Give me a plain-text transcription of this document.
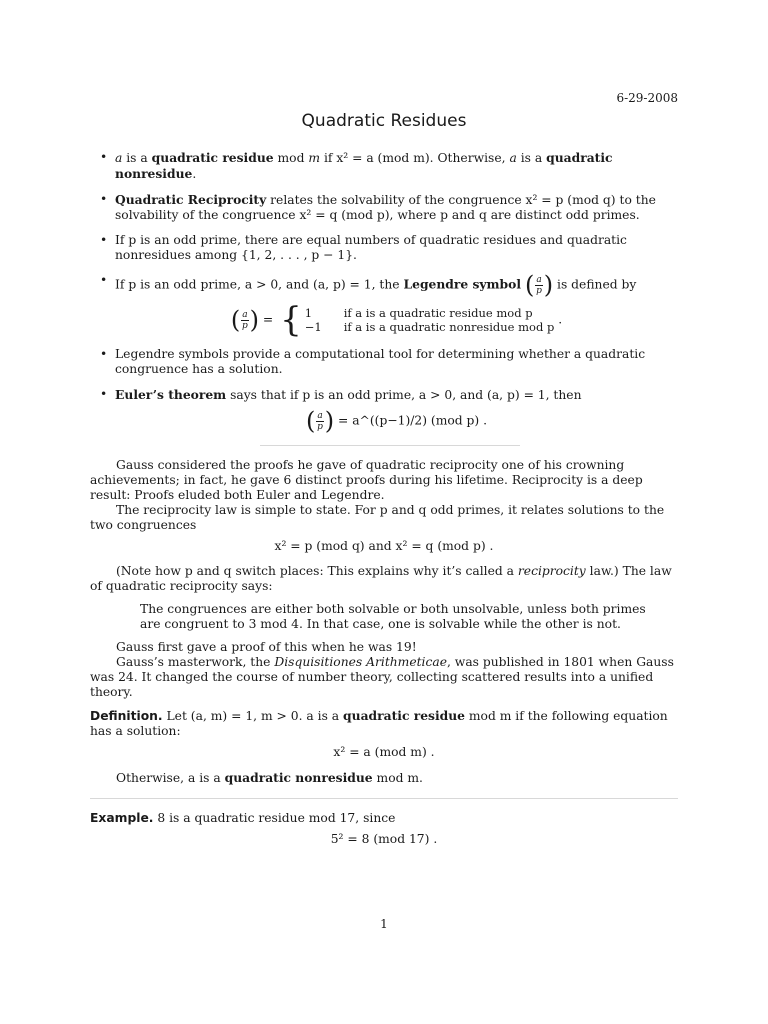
6-29-2008
Quadratic Residues
• a is a quadratic residue mod m if x² = a (mod m). Otherwise, a is a quadratic nonresidue.
• Quadratic Reciprocity relates the solvability of the congruence x² = p (mod q) to the solvability of the congruence x² = q (mod p), where p and q are distinct odd primes.
• If p is an odd prime, there are equal numbers of quadratic residues and quadratic nonresidues among {1, 2, . . . , p − 1}.
• If p is an odd prime, a > 0, and (a, p) = 1, the Legendre symbol ( $\frac{a}{p}$ ) is defined by
( $\frac{a}{p}$ ) = { 1	if a is a quadratic residue mod p
−1 if a is a quadratic nonresidue mod p
.
• Legendre symbols provide a computational tool for determining whether a quadratic congruence has a solution.
• Euler’s theorem says that if p is an odd prime, a > 0, and (a, p) = 1, then
( $\frac{a}{p}$ ) = a^((p−1)/2) (mod p) .

Gauss considered the proofs he gave of quadratic reciprocity one of his crowning achievements; in fact, he gave 6 distinct proofs during his lifetime. Reciprocity is a deep result: Proofs eluded both Euler and Legendre.

The reciprocity law is simple to state. For p and q odd primes, it relates solutions to the two congruences

x² = p (mod q) and x² = q (mod p) .

(Note how p and q switch places: This explains why it’s called a reciprocity law.) The law of quadratic reciprocity says:

The congruences are either both solvable or both unsolvable, unless both primes are congruent to 3 mod 4. In that case, one is solvable while the other is not.

Gauss first gave a proof of this when he was 19!

Gauss’s masterwork, the Disquisitiones Arithmeticae, was published in 1801 when Gauss was 24. It changed the course of number theory, collecting scattered results into a unified theory.

Definition. Let (a, m) = 1, m > 0. a is a quadratic residue mod m if the following equation has a solution:

x² = a (mod m) .

Otherwise, a is a quadratic nonresidue mod m.

Example. 8 is a quadratic residue mod 17, since

5² = 8 (mod 17) .
1
